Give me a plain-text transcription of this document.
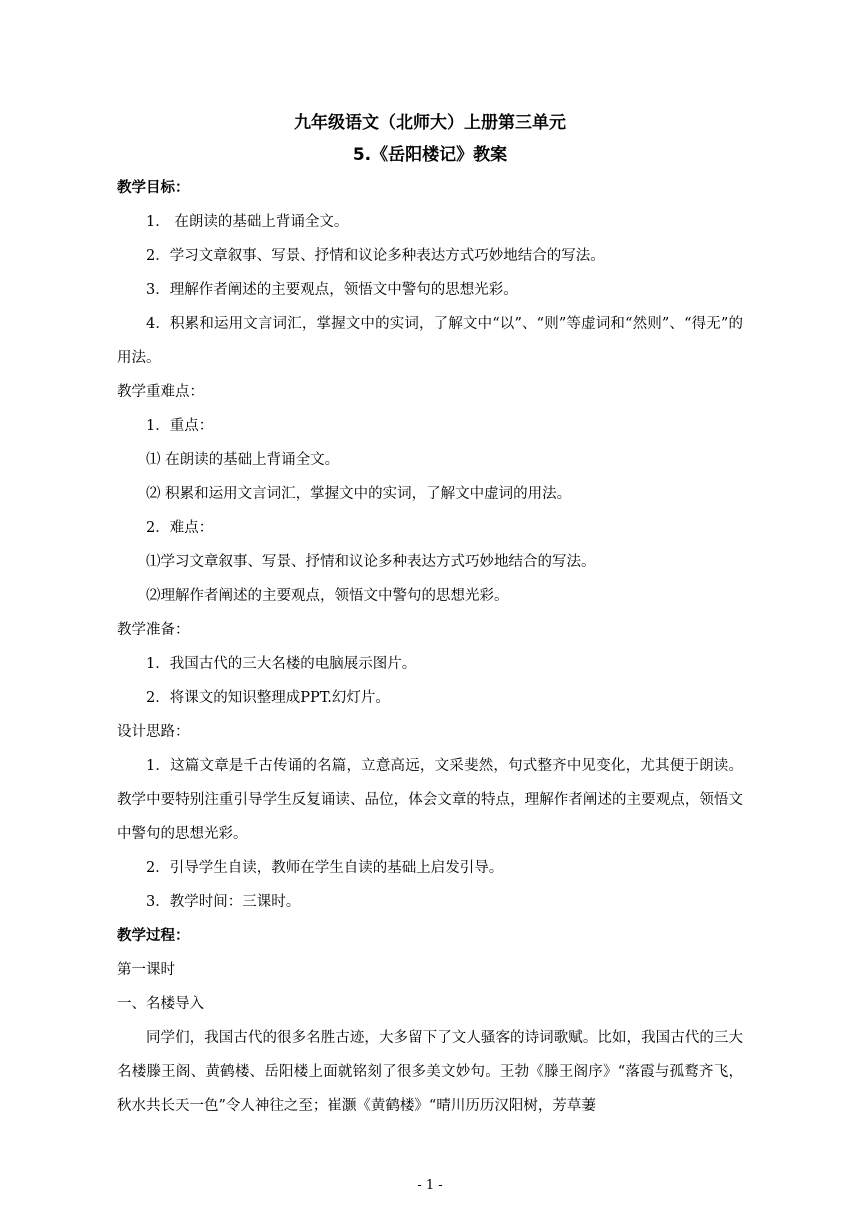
九年级语文（北师大）上册第三单元
5.《岳阳楼记》教案

教学目标：

1． 在朗读的基础上背诵全文。

2．学习文章叙事、写景、抒情和议论多种表达方式巧妙地结合的写法。

3．理解作者阐述的主要观点，领悟文中警句的思想光彩。

4．积累和运用文言词汇，掌握文中的实词，了解文中“以”、“则”等虚词和“然则”、“得无”的用法。

教学重难点：

1．重点：

⑴ 在朗读的基础上背诵全文。

⑵ 积累和运用文言词汇，掌握文中的实词，了解文中虚词的用法。

2．难点：

⑴学习文章叙事、写景、抒情和议论多种表达方式巧妙地结合的写法。

⑵理解作者阐述的主要观点，领悟文中警句的思想光彩。

教学准备：

1．我国古代的三大名楼的电脑展示图片。

2．将课文的知识整理成PPT.幻灯片。

设计思路：

1．这篇文章是千古传诵的名篇，立意高远，文采斐然，句式整齐中见变化，尤其便于朗读。教学中要特别注重引导学生反复诵读、品位，体会文章的特点，理解作者阐述的主要观点，领悟文中警句的思想光彩。

2．引导学生自读，教师在学生自读的基础上启发引导。

3．教学时间：三课时。

教学过程：

第一课时

一、名楼导入

同学们，我国古代的很多名胜古迹，大多留下了文人骚客的诗词歌赋。比如，我国古代的三大名楼滕王阁、黄鹤楼、岳阳楼上面就铭刻了很多美文妙句。王勃《滕王阁序》“落霞与孤鹜齐飞，秋水共长天一色”令人神往之至；崔灏《黄鹤楼》“晴川历历汉阳树，芳草萋

- 1 -
